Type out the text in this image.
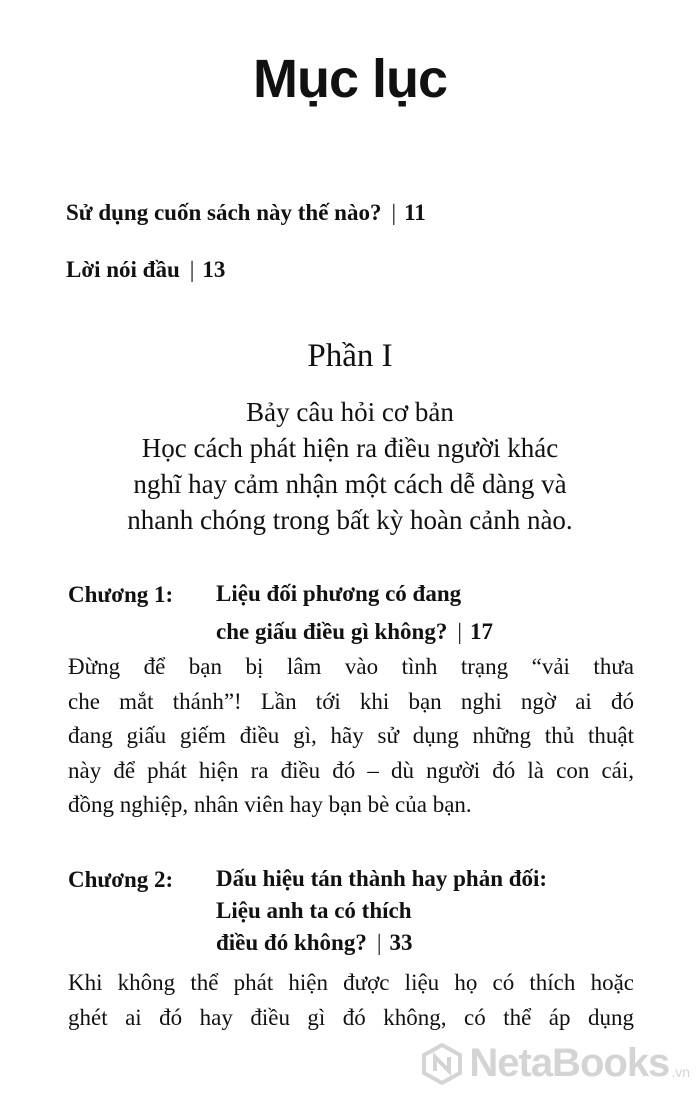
Mục lục
Sử dụng cuốn sách này thế nào? | 11
Lời nói đầu | 13
Phần I
Bảy câu hỏi cơ bản
Học cách phát hiện ra điều người khác
nghĩ hay cảm nhận một cách dễ dàng và
nhanh chóng trong bất kỳ hoàn cảnh nào.
Chương 1: Liệu đối phương có đang
che giấu điều gì không? | 17
Đừng để bạn bị lâm vào tình trạng “vải thưa
che mắt thánh”! Lần tới khi bạn nghi ngờ ai đó
đang giấu giếm điều gì, hãy sử dụng những thủ thuật
này để phát hiện ra điều đó – dù người đó là con cái,
đồng nghiệp, nhân viên hay bạn bè của bạn.
Chương 2: Dấu hiệu tán thành hay phản đối:
Liệu anh ta có thích
điều đó không? | 33
Khi không thể phát hiện được liệu họ có thích hoặc
ghét ai đó hay điều gì đó không, có thể áp dụng
NetaBooks .vn
